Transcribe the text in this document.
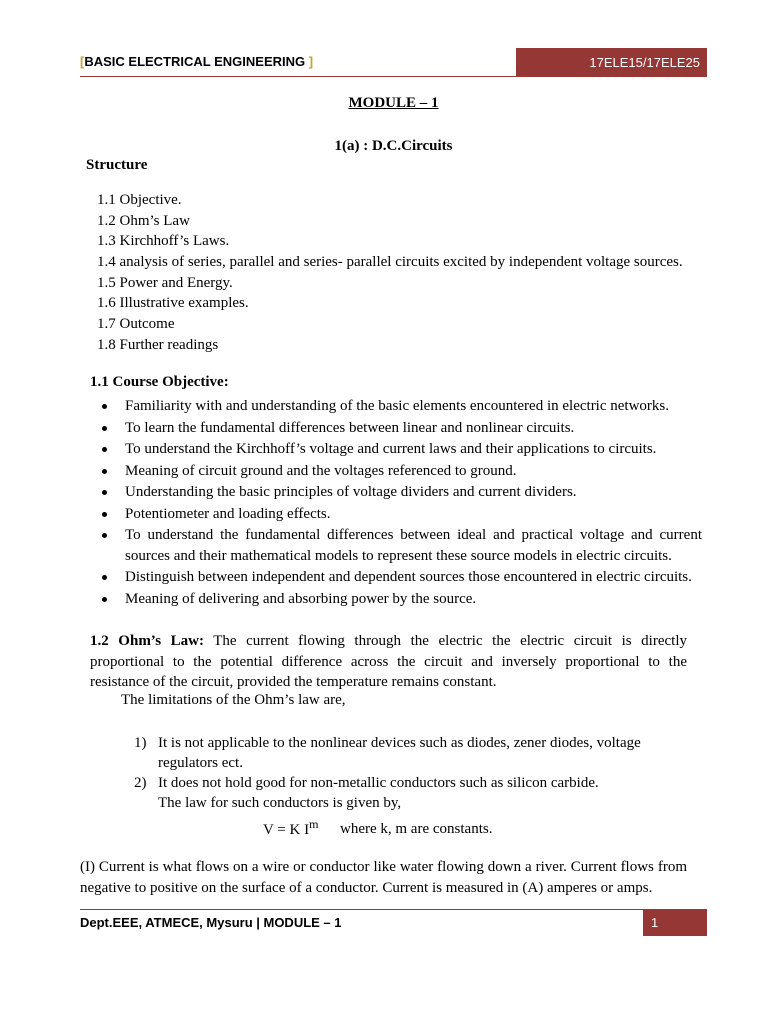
[BASIC ELECTRICAL ENGINEERING ]	17ELE15/17ELE25
MODULE – 1
1(a) : D.C.Circuits
Structure
1.1 Objective.
1.2 Ohm’s Law
1.3 Kirchhoff’s Laws.
1.4 analysis of series, parallel and series- parallel circuits excited by independent voltage sources.
1.5 Power and Energy.
1.6 Illustrative examples.
1.7 Outcome
1.8 Further readings
1.1 Course Objective:
Familiarity with and understanding of the basic elements encountered in electric networks.
To learn the fundamental differences between linear and nonlinear circuits.
To understand the Kirchhoff’s voltage and current laws and their applications to circuits.
Meaning of circuit ground and the voltages referenced to ground.
Understanding the basic principles of voltage dividers and current dividers.
Potentiometer and loading effects.
To understand the fundamental differences between ideal and practical voltage and current sources and their mathematical models to represent these source models in electric circuits.
Distinguish between independent and dependent sources those encountered in electric circuits.
Meaning of delivering and absorbing power by the source.
1.2 Ohm’s Law: The current flowing through the electric the electric circuit is directly proportional to the potential difference across the circuit and inversely proportional to the resistance of the circuit, provided the temperature remains constant.
The limitations of the Ohm’s law are,
1) It is not applicable to the nonlinear devices such as diodes, zener diodes, voltage regulators ect.
2) It does not hold good for non-metallic conductors such as silicon carbide.
The law for such conductors is given by,
V = K $I^m$ where k, m are constants.
(I) Current is what flows on a wire or conductor like water flowing down a river. Current flows from negative to positive on the surface of a conductor. Current is measured in (A) amperes or amps.
Dept.EEE, ATMECE, Mysuru | MODULE – 1	1
